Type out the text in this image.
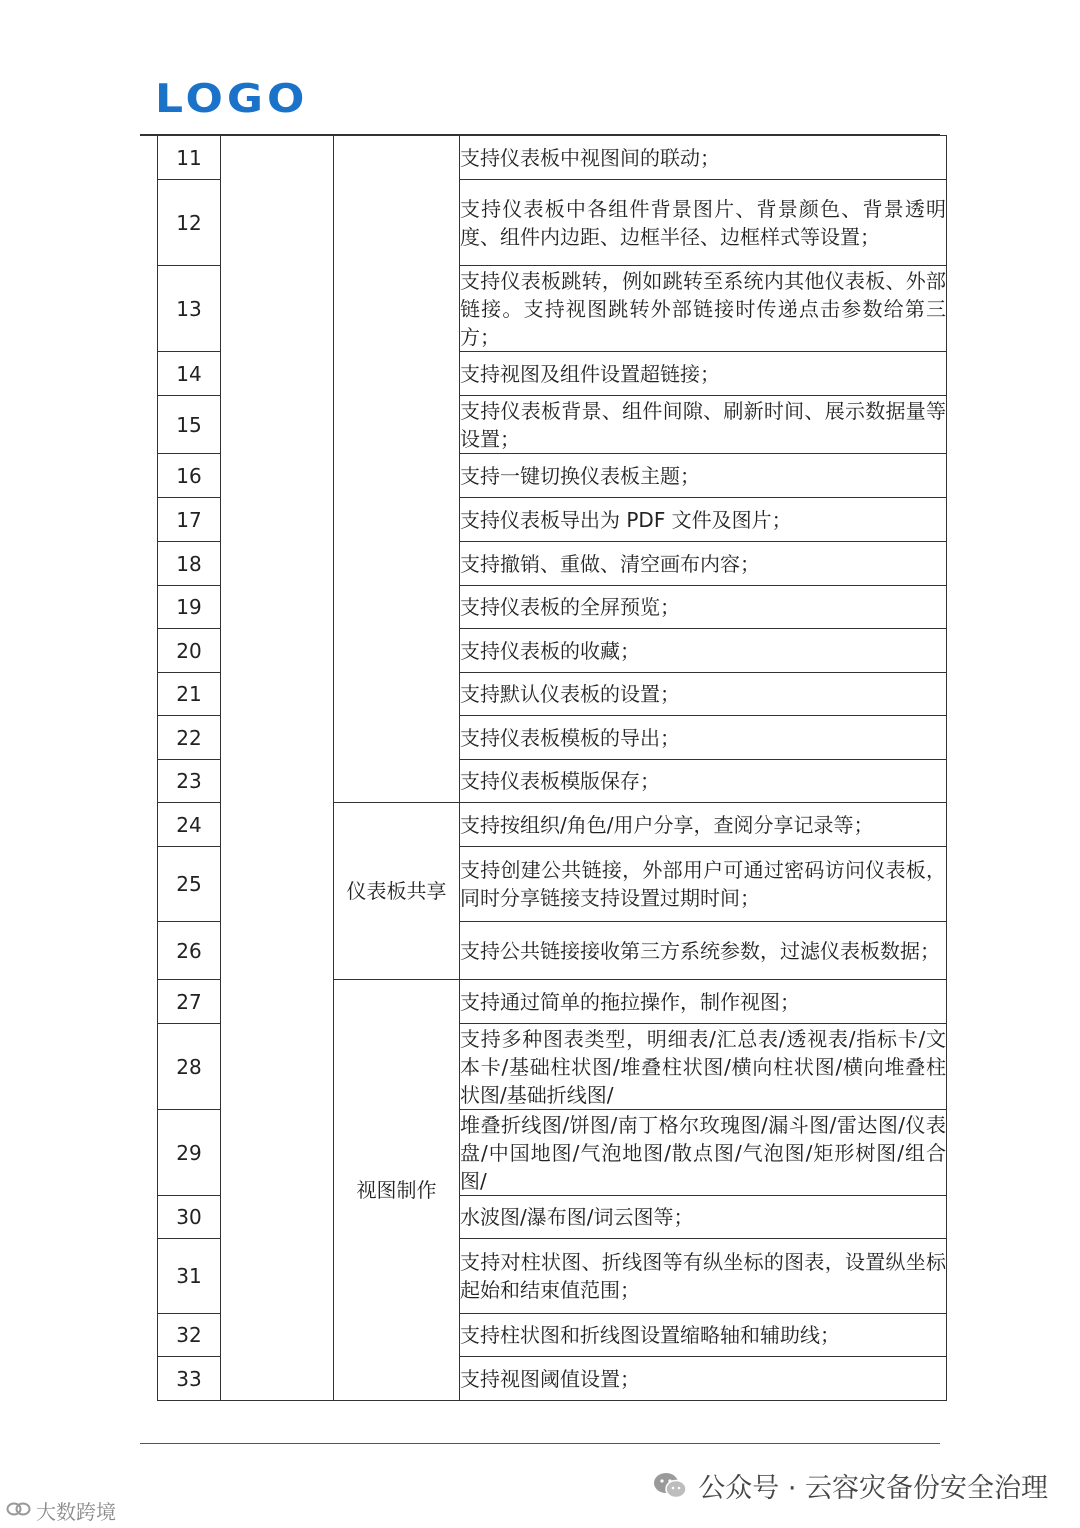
LOGO
11			支持仪表板中视图间的联动；
12			支持仪表板中各组件背景图片、背景颜色、背景透明度、组件内边距、边框半径、边框样式等设置；
13			支持仪表板跳转，例如跳转至系统内其他仪表板、外部链接。支持视图跳转外部链接时传递点击参数给第三方；
14			支持视图及组件设置超链接；
15			支持仪表板背景、组件间隙、刷新时间、展示数据量等设置；
16			支持一键切换仪表板主题；
17			支持仪表板导出为 PDF 文件及图片；
18			支持撤销、重做、清空画布内容；
19			支持仪表板的全屏预览；
20			支持仪表板的收藏；
21			支持默认仪表板的设置；
22			支持仪表板模板的导出；
23			支持仪表板模版保存；
24		仪表板共享	支持按组织/角色/用户分享，查阅分享记录等；
25			支持创建公共链接，外部用户可通过密码访问仪表板，同时分享链接支持设置过期时间；
26			支持公共链接接收第三方系统参数，过滤仪表板数据；
27		视图制作	支持通过简单的拖拉操作，制作视图；
28			支持多种图表类型，明细表/汇总表/透视表/指标卡/文本卡/基础柱状图/堆叠柱状图/横向柱状图/横向堆叠柱状图/基础折线图/
29			堆叠折线图/饼图/南丁格尔玫瑰图/漏斗图/雷达图/仪表盘/中国地图/气泡地图/散点图/气泡图/矩形树图/组合图/
30			水波图/瀑布图/词云图等；
31			支持对柱状图、折线图等有纵坐标的图表，设置纵坐标起始和结束值范围；
32			支持柱状图和折线图设置缩略轴和辅助线；
33			支持视图阈值设置；
公众号 · 云容灾备份安全治理
大数跨境
